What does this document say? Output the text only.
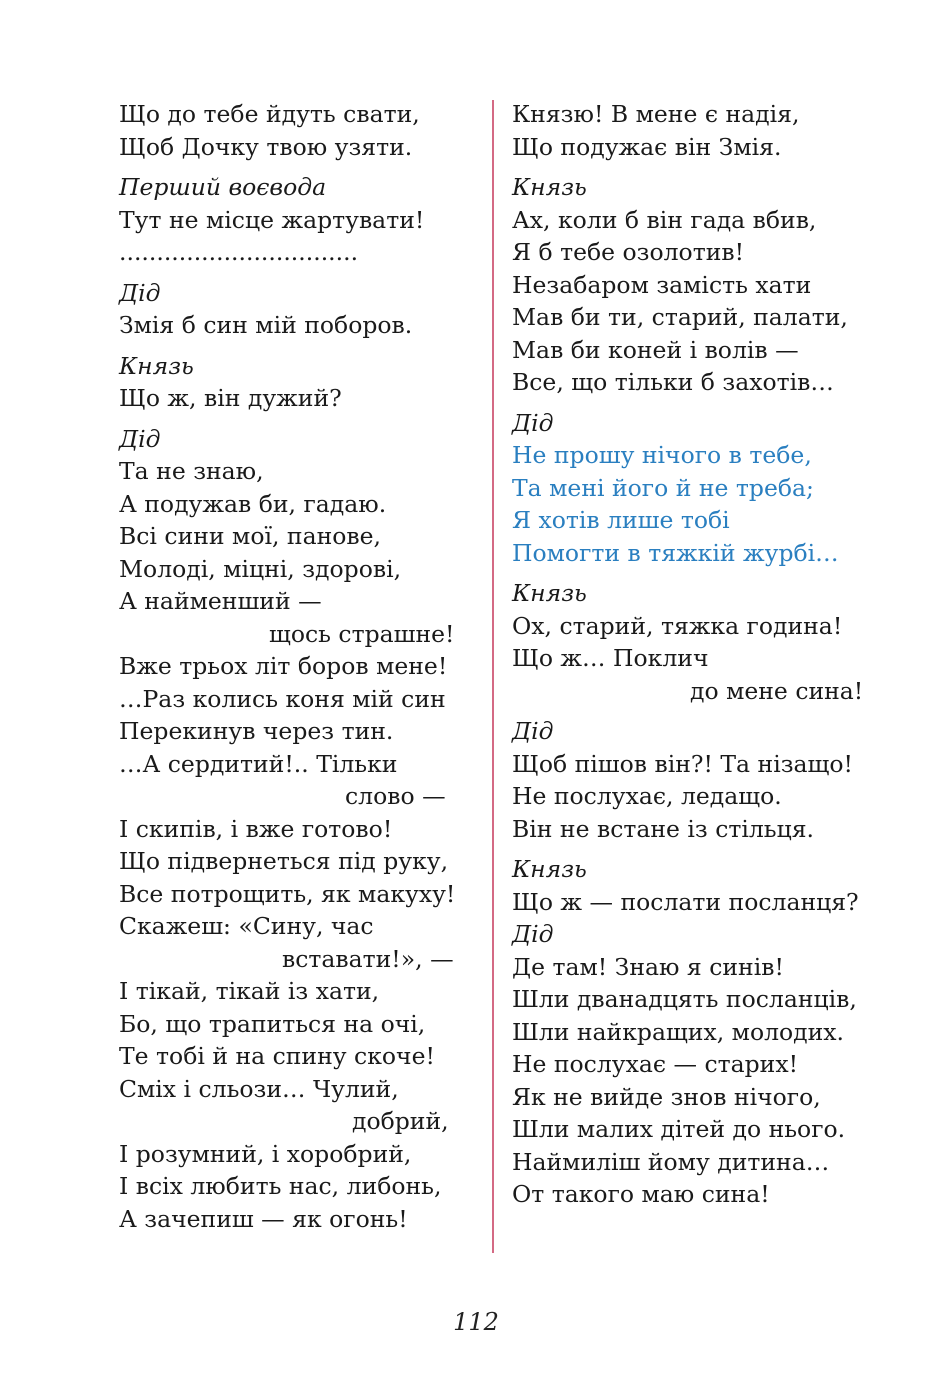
Що до тебе йдуть свати,
Щоб Дочку твою узяти.
Перший воєвода
Тут не місце жартувати!
................................
Дід
Змія б син мій поборов.
Князь
Що ж, він дужий?
Дід
Та не знаю,
А подужав би, гадаю.
Всі сини мої, панове,
Молоді, міцні, здорові,
А найменший —
щось страшне!
Вже трьох літ боров мене!
…Раз колись коня мій син
Перекинув через тин.
…А сердитий!.. Тільки
слово —
І скипів, і вже готово!
Що підвернеться під руку,
Все потрощить, як макуху!
Скажеш: «Сину, час
вставати!», —
І тікай, тікай із хати,
Бо, що трапиться на очі,
Те тобі й на спину скоче!
Сміх і сльози… Чулий,
добрий,
І розумний, і хоробрий,
І всіх любить нас, либонь,
А зачепиш — як огонь!
Князю! В мене є надія,
Що подужає він Змія.
Князь
Ах, коли б він гада вбив,
Я б тебе озолотив!
Незабаром замість хати
Мав би ти, старий, палати,
Мав би коней і волів —
Все, що тільки б захотів…
Дід
Не прошу нічого в тебе,
Та мені його й не треба;
Я хотів лише тобі
Помогти в тяжкій журбі…
Князь
Ох, старий, тяжка година!
Що ж… Поклич
до мене сина!
Дід
Щоб пішов він?! Та нізащо!
Не послухає, ледащо.
Він не встане із стільця.
Князь
Що ж — послати посланця?
Дід
Де там! Знаю я синів!
Шли дванадцять посланців,
Шли найкращих, молодих.
Не послухає — старих!
Як не вийде знов нічого,
Шли малих дітей до нього.
Наймиліш йому дитина…
От такого маю сина!
112
